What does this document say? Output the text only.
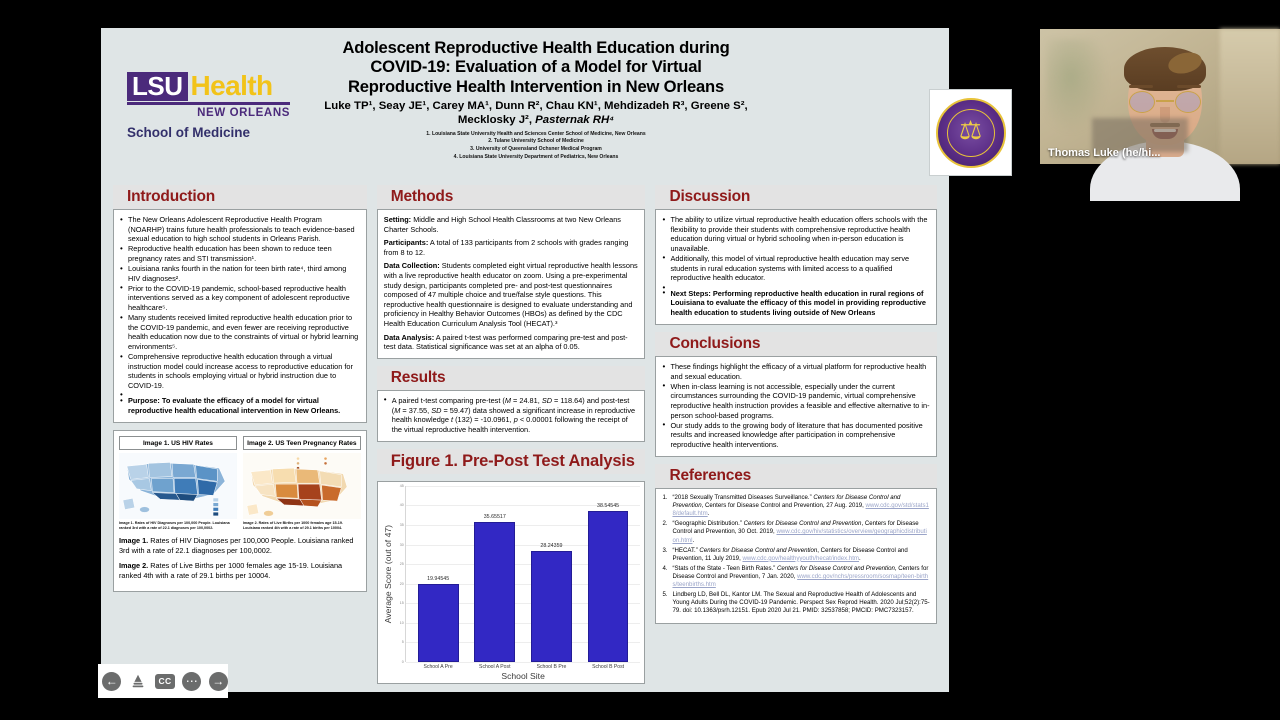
LSU Health
NEW ORLEANS
School of Medicine
Adolescent Reproductive Health Education during
COVID-19: Evaluation of a Model for Virtual
Reproductive Health Intervention in New Orleans
Luke TP¹, Seay JE¹, Carey MA¹, Dunn R², Chau KN¹, Mehdizadeh R³, Greene S²,
Mecklosky J², Pasternak RH⁴
1. Louisiana State University Health and Sciences Center School of Medicine, New Orleans
2. Tulane University School of Medicine
3. University of Queensland Ochsner Medical Program
4. Louisiana State University Department of Pediatrics, New Orleans
⚖
Introduction
• The New Orleans Adolescent Reproductive Health Program (NOARHP) trains future health professionals to teach evidence-based sexual education to high school students in Orleans Parish.
• Reproductive health education has been shown to reduce teen pregnancy rates and STI transmission¹.
• Louisiana ranks fourth in the nation for teen birth rate⁴, third among HIV diagnoses².
• Prior to the COVID-19 pandemic, school-based reproductive health interventions served as a key component of adolescent reproductive healthcare⁵.
• Many students received limited reproductive health education prior to the COVID-19 pandemic, and even fewer are receiving reproductive health education now due to the constraints of virtual or hybrid learning environments⁵.
• Comprehensive reproductive health education through a virtual instruction model could increase access to reproductive education for students in schools employing virtual or hybrid instruction due to COVID-19.
•
• Purpose: To evaluate the efficacy of a model for virtual reproductive health educational intervention in New Orleans.
Image 1. US HIV Rates
Image 1. Rates of HIV Diagnoses per 100,000 People. Louisiana ranked 3rd with a rate of 22.1 diagnoses per 100,0002.
Image 2. US Teen Pregnancy Rates
Image 2. Rates of Live Births per 1000 females age 15-19. Louisiana ranked 4th with a rate of 29.1 births per 10004.

Image 1. Rates of HIV Diagnoses per 100,000 People. Louisiana ranked 3rd with a rate of 22.1 diagnoses per 100,0002.

Image 2. Rates of Live Births per 1000 females age 15-19. Louisiana ranked 4th with a rate of 29.1 births per 10004.

Methods

Setting: Middle and High School Health Classrooms at two New Orleans Charter Schools.

Participants: A total of 133 participants from 2 schools with grades ranging from 8 to 12.

Data Collection: Students completed eight virtual reproductive health lessons with a live reproductive health educator on zoom. Using a pre-experimental study design, participants completed pre- and post-test questionnaires composed of 47 multiple choice and true/false style questions. This reproductive health questionnaire is designed to evaluate understanding and proficiency in Healthy Behavior Outcomes (HBOs) as defined by the CDC Health Education Curriculum Analysis Tool (HECAT).³

Data Analysis: A paired t-test was performed comparing pre-test and post-test data. Statistical significance was set at an alpha of 0.05.

Results
• A paired t-test comparing pre-test (M = 24.81, SD = 118.64) and post-test (M = 37.55, SD = 59.47) data showed a significant increase in reproductive health knowledge t (132) = -10.0961, p < 0.00001 following the receipt of the virtual reproductive health intervention.
Figure 1. Pre-Post Test Analysis
Average Score (out of 47)
0
5
10
15
20
25
30
35
40
45
19.94545
35.65517
28.24359
38.54545
School A Pre	School A Post	School B Pre	School B Post
School Site
Discussion
• The ability to utilize virtual reproductive health education offers schools with the flexibility to provide their students with comprehensive reproductive health education during virtual or hybrid schooling when in-person education is unavailable.
• Additionally, this model of virtual reproductive health education may serve students in rural education systems with limited access to a qualified reproductive health educator.
•
• Next Steps: Performing reproductive health education in rural regions of Louisiana to evaluate the efficacy of this model in providing reproductive health education to students living outside of New Orleans
Conclusions
• These findings highlight the efficacy of a virtual platform for reproductive health and sexual education.
• When in-class learning is not accessible, especially under the current circumstances surrounding the COVID-19 pandemic, virtual comprehensive reproductive health instruction provides a feasible and effective alternative to in-person school-based programs.
• Our study adds to the growing body of literature that has documented positive results and increased knowledge after participation in comprehensive reproductive health interventions.
References
“2018 Sexually Transmitted Diseases Surveillance.” Centers for Disease Control and Prevention, Centers for Disease Control and Prevention, 27 Aug. 2019, www.cdc.gov/std/stats18/default.htm.
“Geographic Distribution.” Centers for Disease Control and Prevention, Centers for Disease Control and Prevention, 30 Oct. 2019, www.cdc.gov/hiv/statistics/overview/geographicdistribution.html.
“HECAT.” Centers for Disease Control and Prevention, Centers for Disease Control and Prevention, 11 July 2019, www.cdc.gov/healthyyouth/hecat/index.htm.
“Stats of the State - Teen Birth Rates.” Centers for Disease Control and Prevention, Centers for Disease Control and Prevention, 7 Jan. 2020, www.cdc.gov/nchs/pressroom/sosmap/teen-births/teenbirths.htm
Lindberg LD, Bell DL, Kantor LM. The Sexual and Reproductive Health of Adolescents and Young Adults During the COVID-19 Pandemic. Perspect Sex Reprod Health. 2020 Jul;52(2):75-79. doi: 10.1363/psrh.12151. Epub 2020 Jul 21. PMID: 32537858; PMCID: PMC7323157.
←	CC ⋯ →
Thomas Luke (he/hi...
